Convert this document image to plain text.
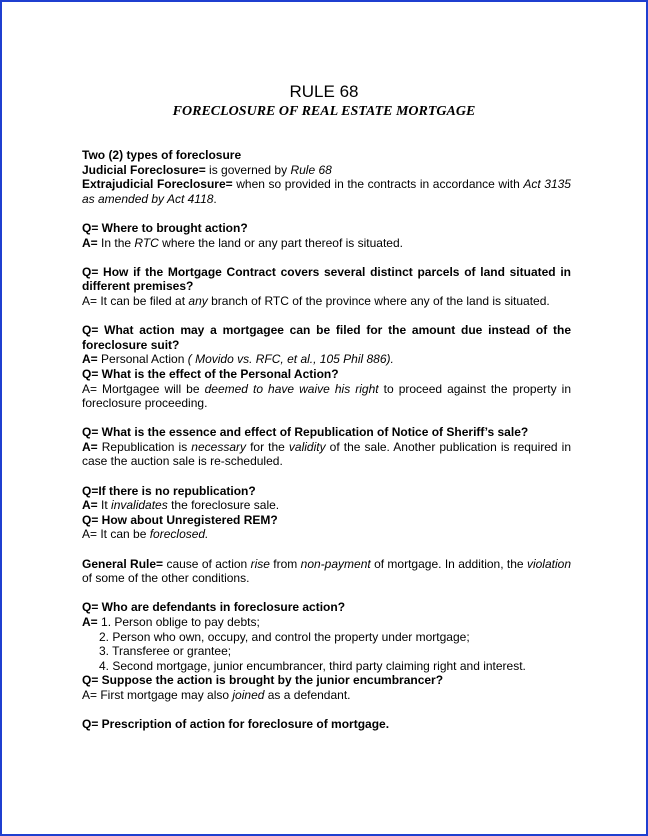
RULE 68
FORECLOSURE OF REAL ESTATE MORTGAGE

Two (2) types of foreclosure

Judicial Foreclosure= is governed by Rule 68

Extrajudicial Foreclosure= when so provided in the contracts in accordance with Act 3135 as amended by Act 4118.

Q= Where to brought action?

A= In the RTC where the land or any part thereof is situated.

Q= How if the Mortgage Contract covers several distinct parcels of land situated in different premises?

A= It can be filed at any branch of RTC of the province where any of the land is situated.

Q= What action may a mortgagee can be filed for the amount due instead of the foreclosure suit?

A= Personal Action ( Movido vs. RFC, et al., 105 Phil 886).

Q= What is the effect of the Personal Action?

A= Mortgagee will be deemed to have waive his right to proceed against the property in foreclosure proceeding.

Q= What is the essence and effect of Republication of Notice of Sheriff’s sale?

A= Republication is necessary for the validity of the sale. Another publication is required in case the auction sale is re-scheduled.

Q=If there is no republication?

A= It invalidates the foreclosure sale.

Q= How about Unregistered REM?

A= It can be foreclosed.

General Rule= cause of action rise from non-payment of mortgage. In addition, the violation of some of the other conditions.

Q= Who are defendants in foreclosure action?

A= 1. Person oblige to pay debts;

2. Person who own, occupy, and control the property under mortgage;

3. Transferee or grantee;

4. Second mortgage, junior encumbrancer, third party claiming right and interest.

Q= Suppose the action is brought by the junior encumbrancer?

A= First mortgage may also joined as a defendant.

Q= Prescription of action for foreclosure of mortgage.
